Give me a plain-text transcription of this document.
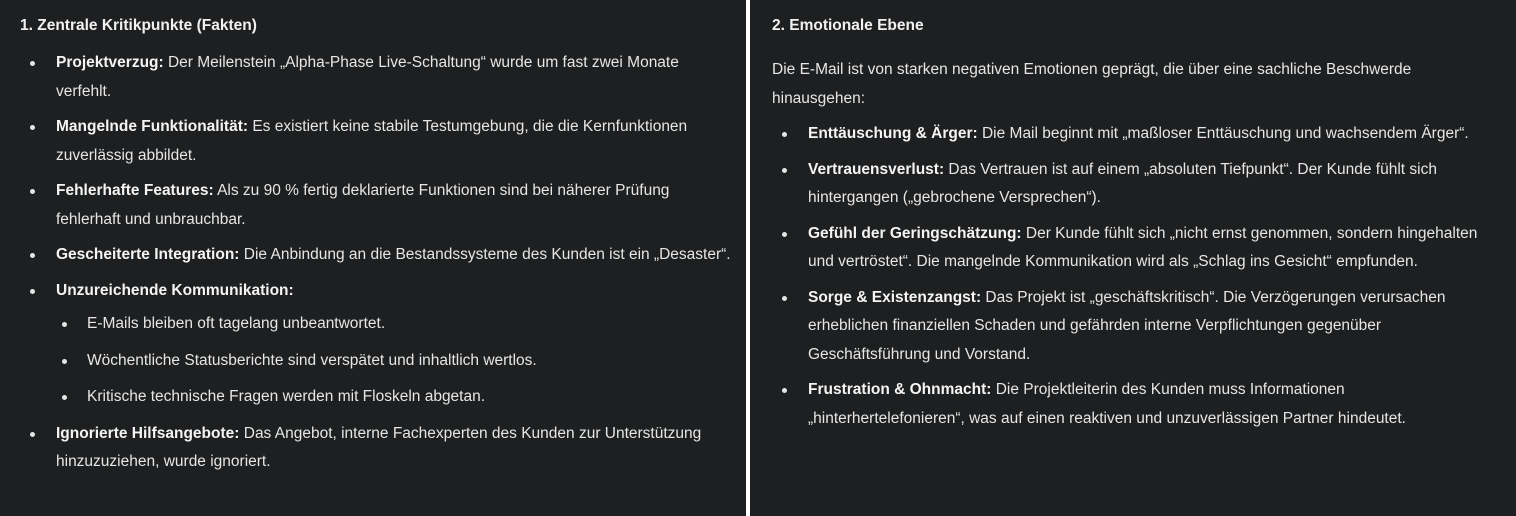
1. Zentrale Kritikpunkte (Fakten)
Projektverzug: Der Meilenstein „Alpha-Phase Live-Schaltung“ wurde um fast zwei Monate verfehlt.
Mangelnde Funktionalität: Es existiert keine stabile Testumgebung, die die Kernfunktionen zuverlässig abbildet.
Fehlerhafte Features: Als zu 90 % fertig deklarierte Funktionen sind bei näherer Prüfung fehlerhaft und unbrauchbar.
Gescheiterte Integration: Die Anbindung an die Bestandssysteme des Kunden ist ein „Desaster“.
Unzureichende Kommunikation:
E-Mails bleiben oft tagelang unbeantwortet.
Wöchentliche Statusberichte sind verspätet und inhaltlich wertlos.
Kritische technische Fragen werden mit Floskeln abgetan.
Ignorierte Hilfsangebote: Das Angebot, interne Fachexperten des Kunden zur Unterstützung hinzuzuziehen, wurde ignoriert.
2. Emotionale Ebene

Die E-Mail ist von starken negativen Emotionen geprägt, die über eine sachliche Beschwerde hinausgehen:

Enttäuschung & Ärger: Die Mail beginnt mit „maßloser Enttäuschung und wachsendem Ärger“.
Vertrauensverlust: Das Vertrauen ist auf einem „absoluten Tiefpunkt“. Der Kunde fühlt sich hintergangen („gebrochene Versprechen“).
Gefühl der Geringschätzung: Der Kunde fühlt sich „nicht ernst genommen, sondern hingehalten und vertröstet“. Die mangelnde Kommunikation wird als „Schlag ins Gesicht“ empfunden.
Sorge & Existenzangst: Das Projekt ist „geschäftskritisch“. Die Verzögerungen verursachen erheblichen finanziellen Schaden und gefährden interne Verpflichtungen gegenüber Geschäftsführung und Vorstand.
Frustration & Ohnmacht: Die Projektleiterin des Kunden muss Informationen „hinterhertelefonieren“, was auf einen reaktiven und unzuverlässigen Partner hindeutet.
